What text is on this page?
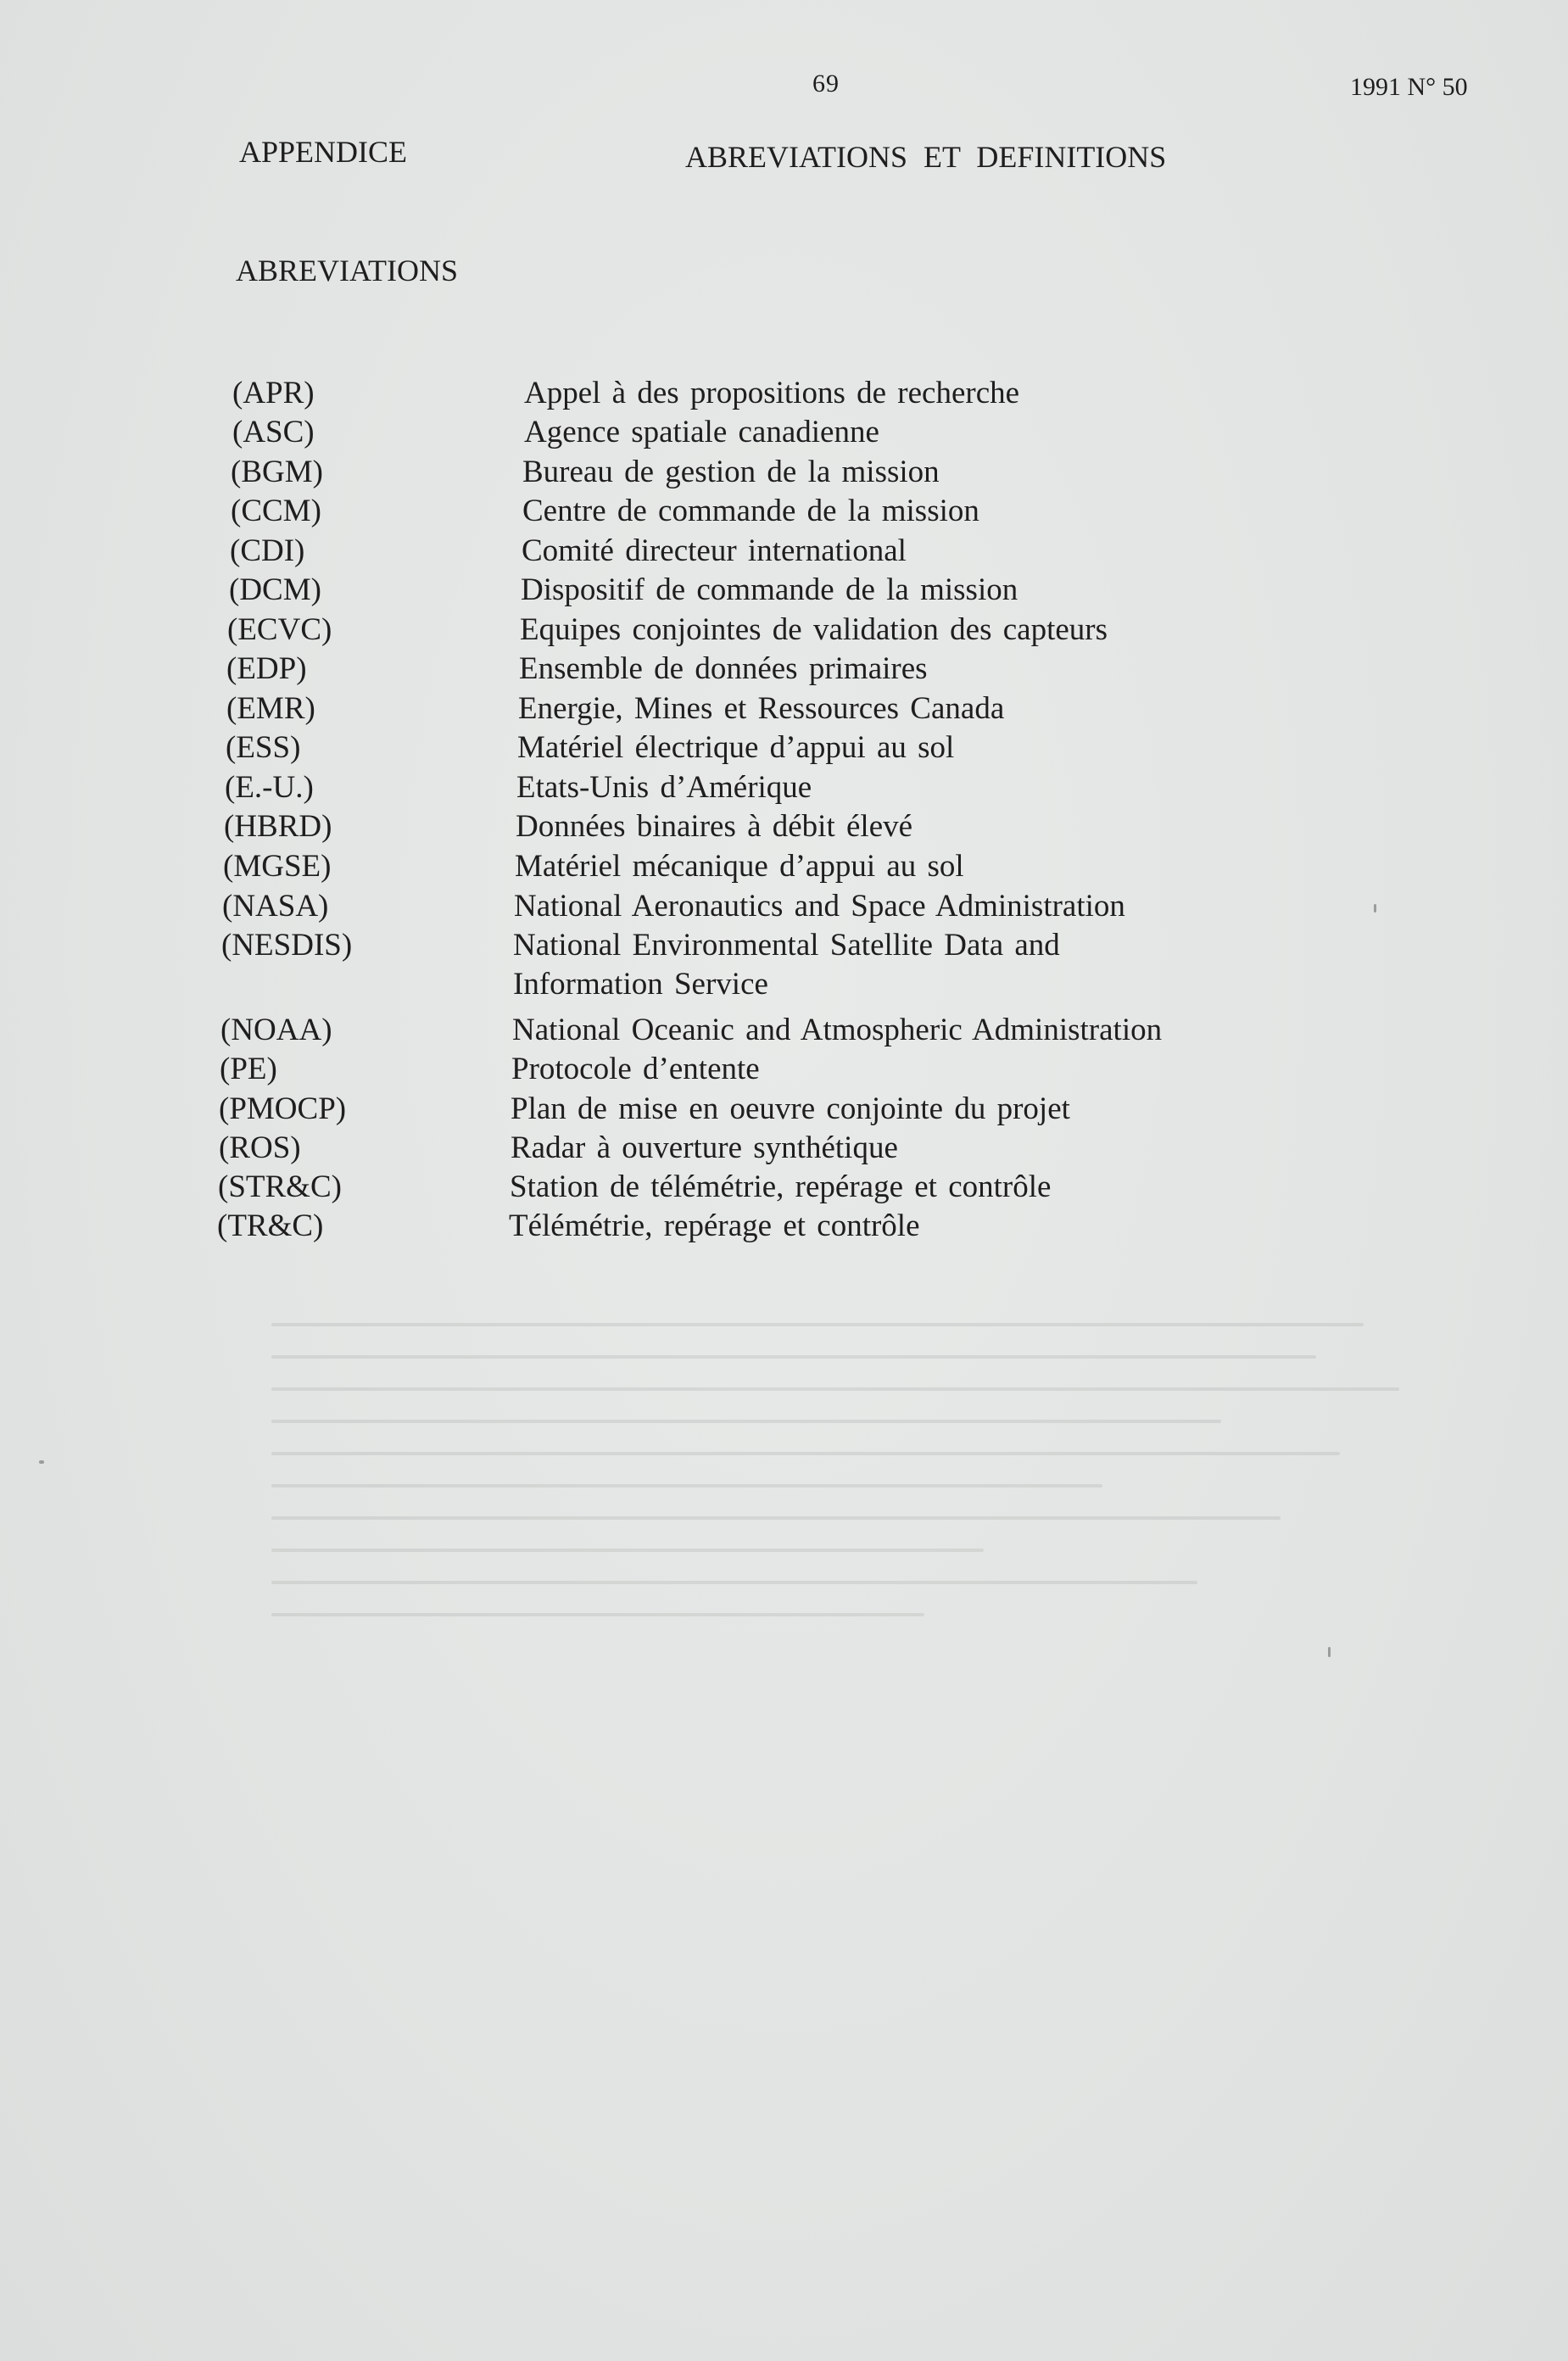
69	1991 N° 50
APPENDICE	ABREVIATIONS ET DEFINITIONS
ABREVIATIONS
(APR)	Appel à des propositions de recherche
(ASC)	Agence spatiale canadienne
(BGM)	Bureau de gestion de la mission
(CCM)	Centre de commande de la mission
(CDI)	Comité directeur international
(DCM)	Dispositif de commande de la mission
(ECVC)	Equipes conjointes de validation des capteurs
(EDP)	Ensemble de données primaires
(EMR)	Energie, Mines et Ressources Canada
(ESS)	Matériel électrique d’appui au sol
(E.-U.)	Etats-Unis d’Amérique
(HBRD)	Données binaires à débit élevé
(MGSE)	Matériel mécanique d’appui au sol
(NASA)	National Aeronautics and Space Administration
(NESDIS)	National Environmental Satellite Data and
Information Service
(NOAA)	National Oceanic and Atmospheric Administration
(PE)	Protocole d’entente
(PMOCP)	Plan de mise en oeuvre conjointe du projet
(ROS)	Radar à ouverture synthétique
(STR&C)	Station de télémétrie, repérage et contrôle
(TR&C)	Télémétrie, repérage et contrôle
